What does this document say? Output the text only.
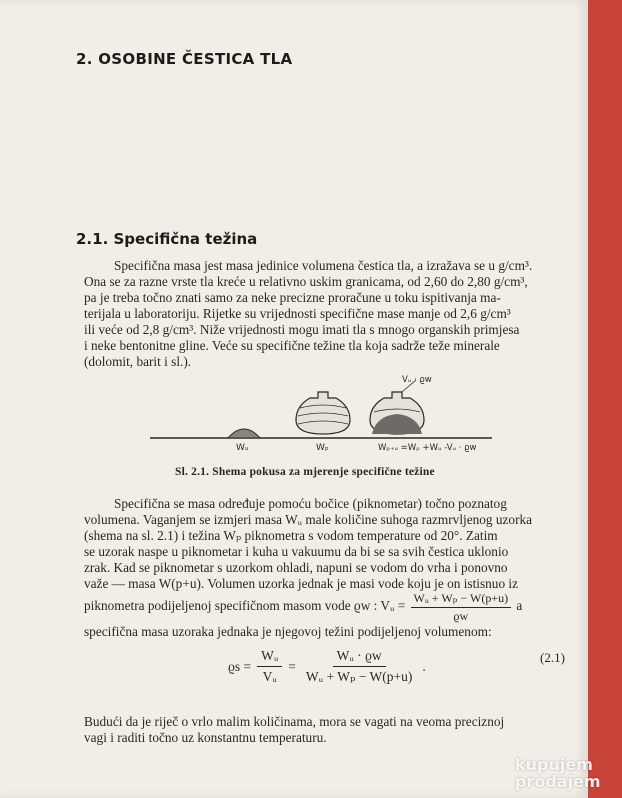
2. OSOBINE ČESTICA TLA
2.1. Specifična težina

Specifična masa jest masa jedinice volumena čestica tla, a izražava se u g/cm³.
Ona se za razne vrste tla kreće u relativno uskim granicama, od 2,60 do 2,80 g/cm³,
pa je treba točno znati samo za neke precizne proračune u toku ispitivanja ma-
terijala u laboratoriju. Rijetke su vrijednosti specifične mase manje od 2,6 g/cm³
ili veće od 2,8 g/cm³. Niže vrijednosti mogu imati tla s mnogo organskih primjesa
i neke bentonitne gline. Veće su specifične težine tla koja sadrže teže minerale
(dolomit, barit i sl.).

Vᵤ · ϱw
Wᵤ	Wₚ	Wₚ₊ᵤ =Wₚ +Wᵤ -Vᵤ · ϱw
Sl. 2.1. Shema pokusa za mjerenje specifične težine

Specifična se masa određuje pomoću bočice (piknometar) točno poznatog
volumena. Vaganjem se izmjeri masa Wᵤ male količine suhoga razmrvljenog uzorka
(shema na sl. 2.1) i težina Wₚ piknometra s vodom temperature od 20°. Zatim
se uzorak naspe u piknometar i kuha u vakuumu da bi se sa svih čestica uklonio
zrak. Kad se piknometar s uzorkom ohladi, napuni se vodom do vrha i ponovno
važe — masa W(p+u). Volumen uzorka jednak je masi vode koju je on istisnuo iz

piknometra podijeljenoj specifičnom masom vode ϱw : Vᵤ = $\frac{\text{Wᵤ + Wₚ − W(p+u)}}{ϱw}$ a

specifična masa uzoraka jednaka je njegovoj težini podijeljenoj volumenom:

$ϱs = \frac{\text{Wᵤ}}{\text{Vᵤ}} = \frac{\text{Wᵤ · ϱw}}{\text{Wᵤ + Wₚ − W(p+u)}}$ .
(2.1)

Budući da je riječ o vrlo malim količinama, mora se vagati na veoma preciznoj
vagi i raditi točno uz konstantnu temperaturu.

kupujem
prodajem
